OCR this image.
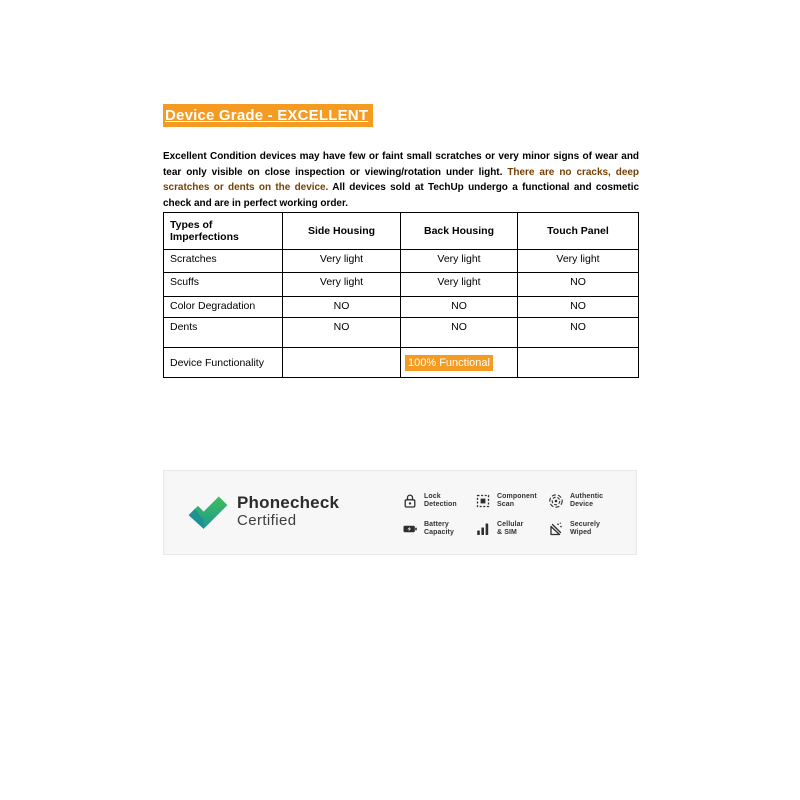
Device Grade - EXCELLENT

Excellent Condition devices may have few or faint small scratches or very minor signs of wear and tear only visible on close inspection or viewing/rotation under light. There are no cracks, deep scratches or dents on the device. All devices sold at TechUp undergo a functional and cosmetic check and are in perfect working order.

Types of Imperfections	Side Housing	Back Housing	Touch Panel
Scratches	Very light	Very light	Very light
Scuffs	Very light	Very light	NO
Color Degradation	NO	NO	NO
Dents	NO	NO	NO
Device Functionality		100% Functional	
Phonecheck
Certified
Lock
Detection
Component
Scan
Authentic
Device
Battery
Capacity
Cellular
& SIM
Securely
Wiped
